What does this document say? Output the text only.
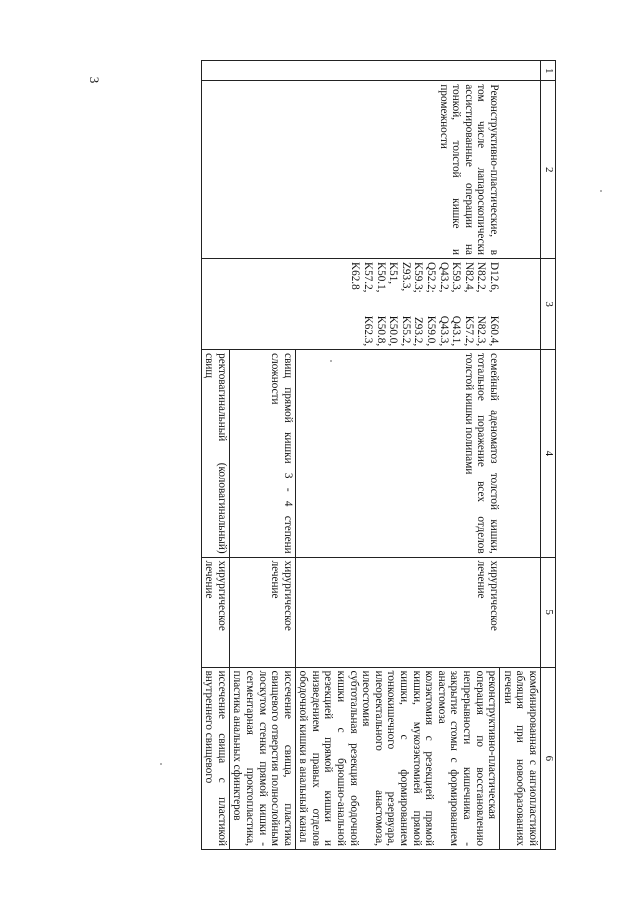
3
1	2	3	4	5	6
	Реконструктивно-пластические, в том числе лапароскопически ассистированные операции на тонкой, толстой кишке и промежности	D12.6, K60.4, N82.2, N82.3, N82.4, K57.2, K59.3, Q43.1, Q43.2, Q43.3, Q52.2; K59.0, K59.3; Z93.2, Z93.3, K55.2, K51, K50.0, K50.1, K50.8, K57.2, K62.3, K62.8	семейный аденоматоз толстой кишки, тотальное поражение всех отделов толстой кишки полипами	хирургическое лечение	комбинированная с ангиопластикой абляция при новообразованиях печени

					реконструктивно-пластическая операция по восстановлению непрерывности кишечника - закрытие стомы с формированием анастомоза
колэктомия с резекцией прямой кишки, мукозэктомией прямой кишки, с формированием тонкокишечного резервуара, илеоректального анастомоза, илеостомия
субтотальная резекция ободочной кишки с брюшно-анальной резекцией прямой кишки и низведением правых отделов ободочной кишки в анальный канал

			свищ прямой кишки 3 - 4 степени сложности	хирургическое лечение	иссечение свища, пластика свищевого отверстия полнослойным лоскутом стенки прямой кишки - сегментарная проктопластика, пластика анальных сфинктеров
			ректовагинальный (коловагинальный) свищ	хирургическое лечение	иссечение свища с пластикой внутреннего свищевого
